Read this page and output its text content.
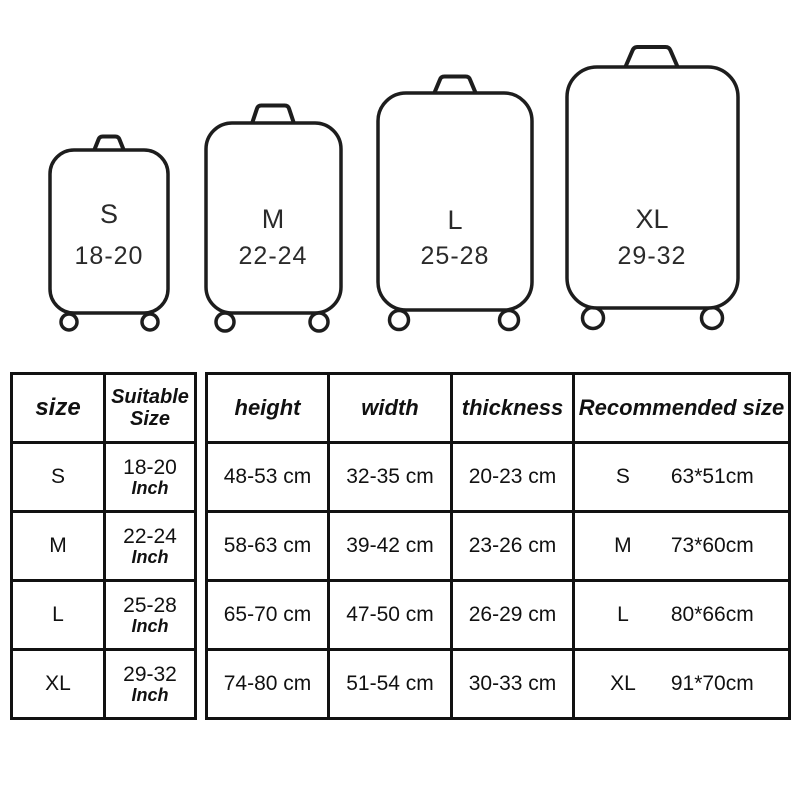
S
18-20
M
22-24
L
25-28
XL
29-32
size	Suitable Size
S	18-20
Inch

M	22-24
Inch

L	25-28
Inch

XL	29-32
Inch
height	width	thickness	Recommended size
48-53 cm	32-35 cm	20-23 cm	S 63*51cm

58-63 cm	39-42 cm	23-26 cm	M 73*60cm

65-70 cm	47-50 cm	26-29 cm	L 80*66cm

74-80 cm	51-54 cm	30-33 cm	XL 91*70cm
